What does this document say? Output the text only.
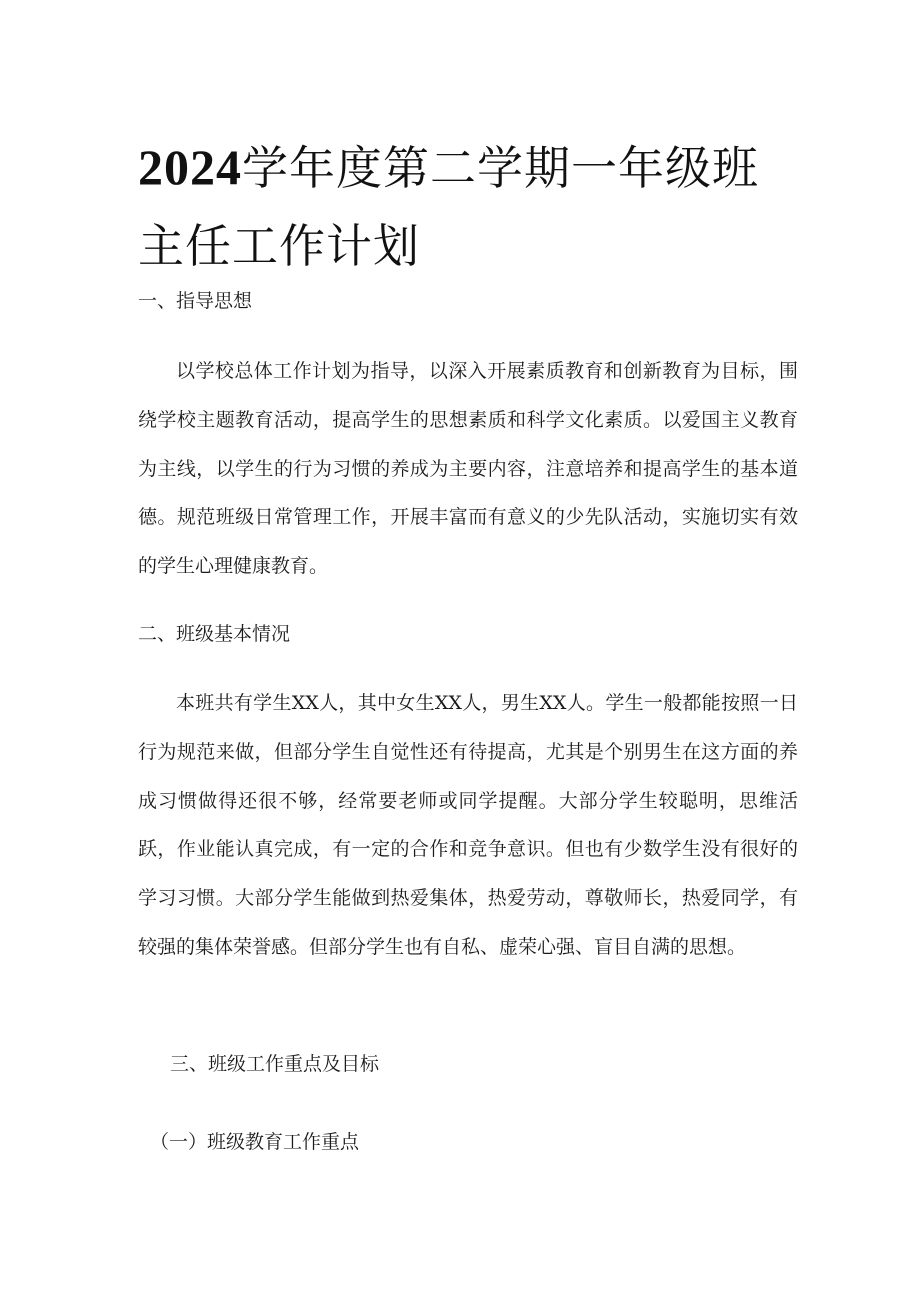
2024学年度第二学期一年级班主任工作计划
一、指导思想

以学校总体工作计划为指导，以深入开展素质教育和创新教育为目标，围绕学校主题教育活动，提高学生的思想素质和科学文化素质。以爱国主义教育为主线，以学生的行为习惯的养成为主要内容，注意培养和提高学生的基本道德。规范班级日常管理工作，开展丰富而有意义的少先队活动，实施切实有效的学生心理健康教育。

二、班级基本情况

本班共有学生XX人，其中女生XX人，男生XX人。学生一般都能按照一日行为规范来做，但部分学生自觉性还有待提高，尤其是个别男生在这方面的养成习惯做得还很不够，经常要老师或同学提醒。大部分学生较聪明，思维活跃，作业能认真完成，有一定的合作和竞争意识。但也有少数学生没有很好的学习习惯。大部分学生能做到热爱集体，热爱劳动，尊敬师长，热爱同学，有较强的集体荣誉感。但部分学生也有自私、虚荣心强、盲目自满的思想。

三、班级工作重点及目标
（一）班级教育工作重点
